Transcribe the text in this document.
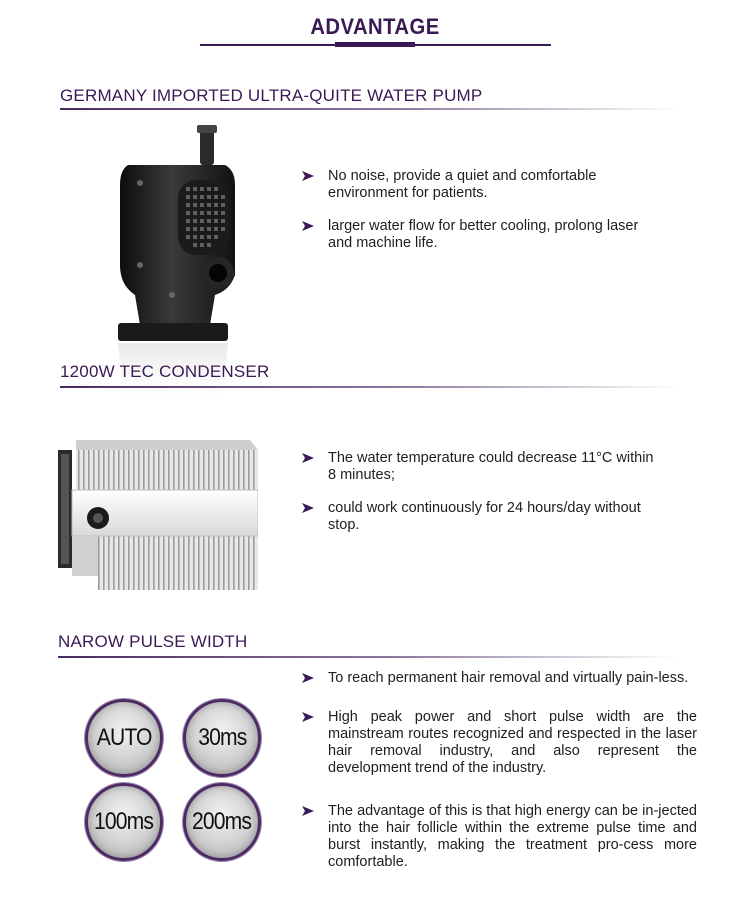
ADVANTAGE
GERMANY IMPORTED ULTRA-QUITE WATER PUMP
No noise, provide a quiet and comfortable environment for patients.
larger water flow for better cooling, prolong laser and machine life.
1200W TEC CONDENSER
The water temperature could decrease 11°C within 8 minutes;
could work continuously for 24 hours/day without stop.
NAROW PULSE WIDTH
AUTO 30ms
100ms 200ms
To reach permanent hair removal and virtually pain-less.
High peak power and short pulse width are the mainstream routes recognized and respected in the laser hair removal industry, and also represent the development trend of the industry.
The advantage of this is that high energy can be in-jected into the hair follicle within the extreme pulse time and burst instantly, making the treatment pro-cess more comfortable.
